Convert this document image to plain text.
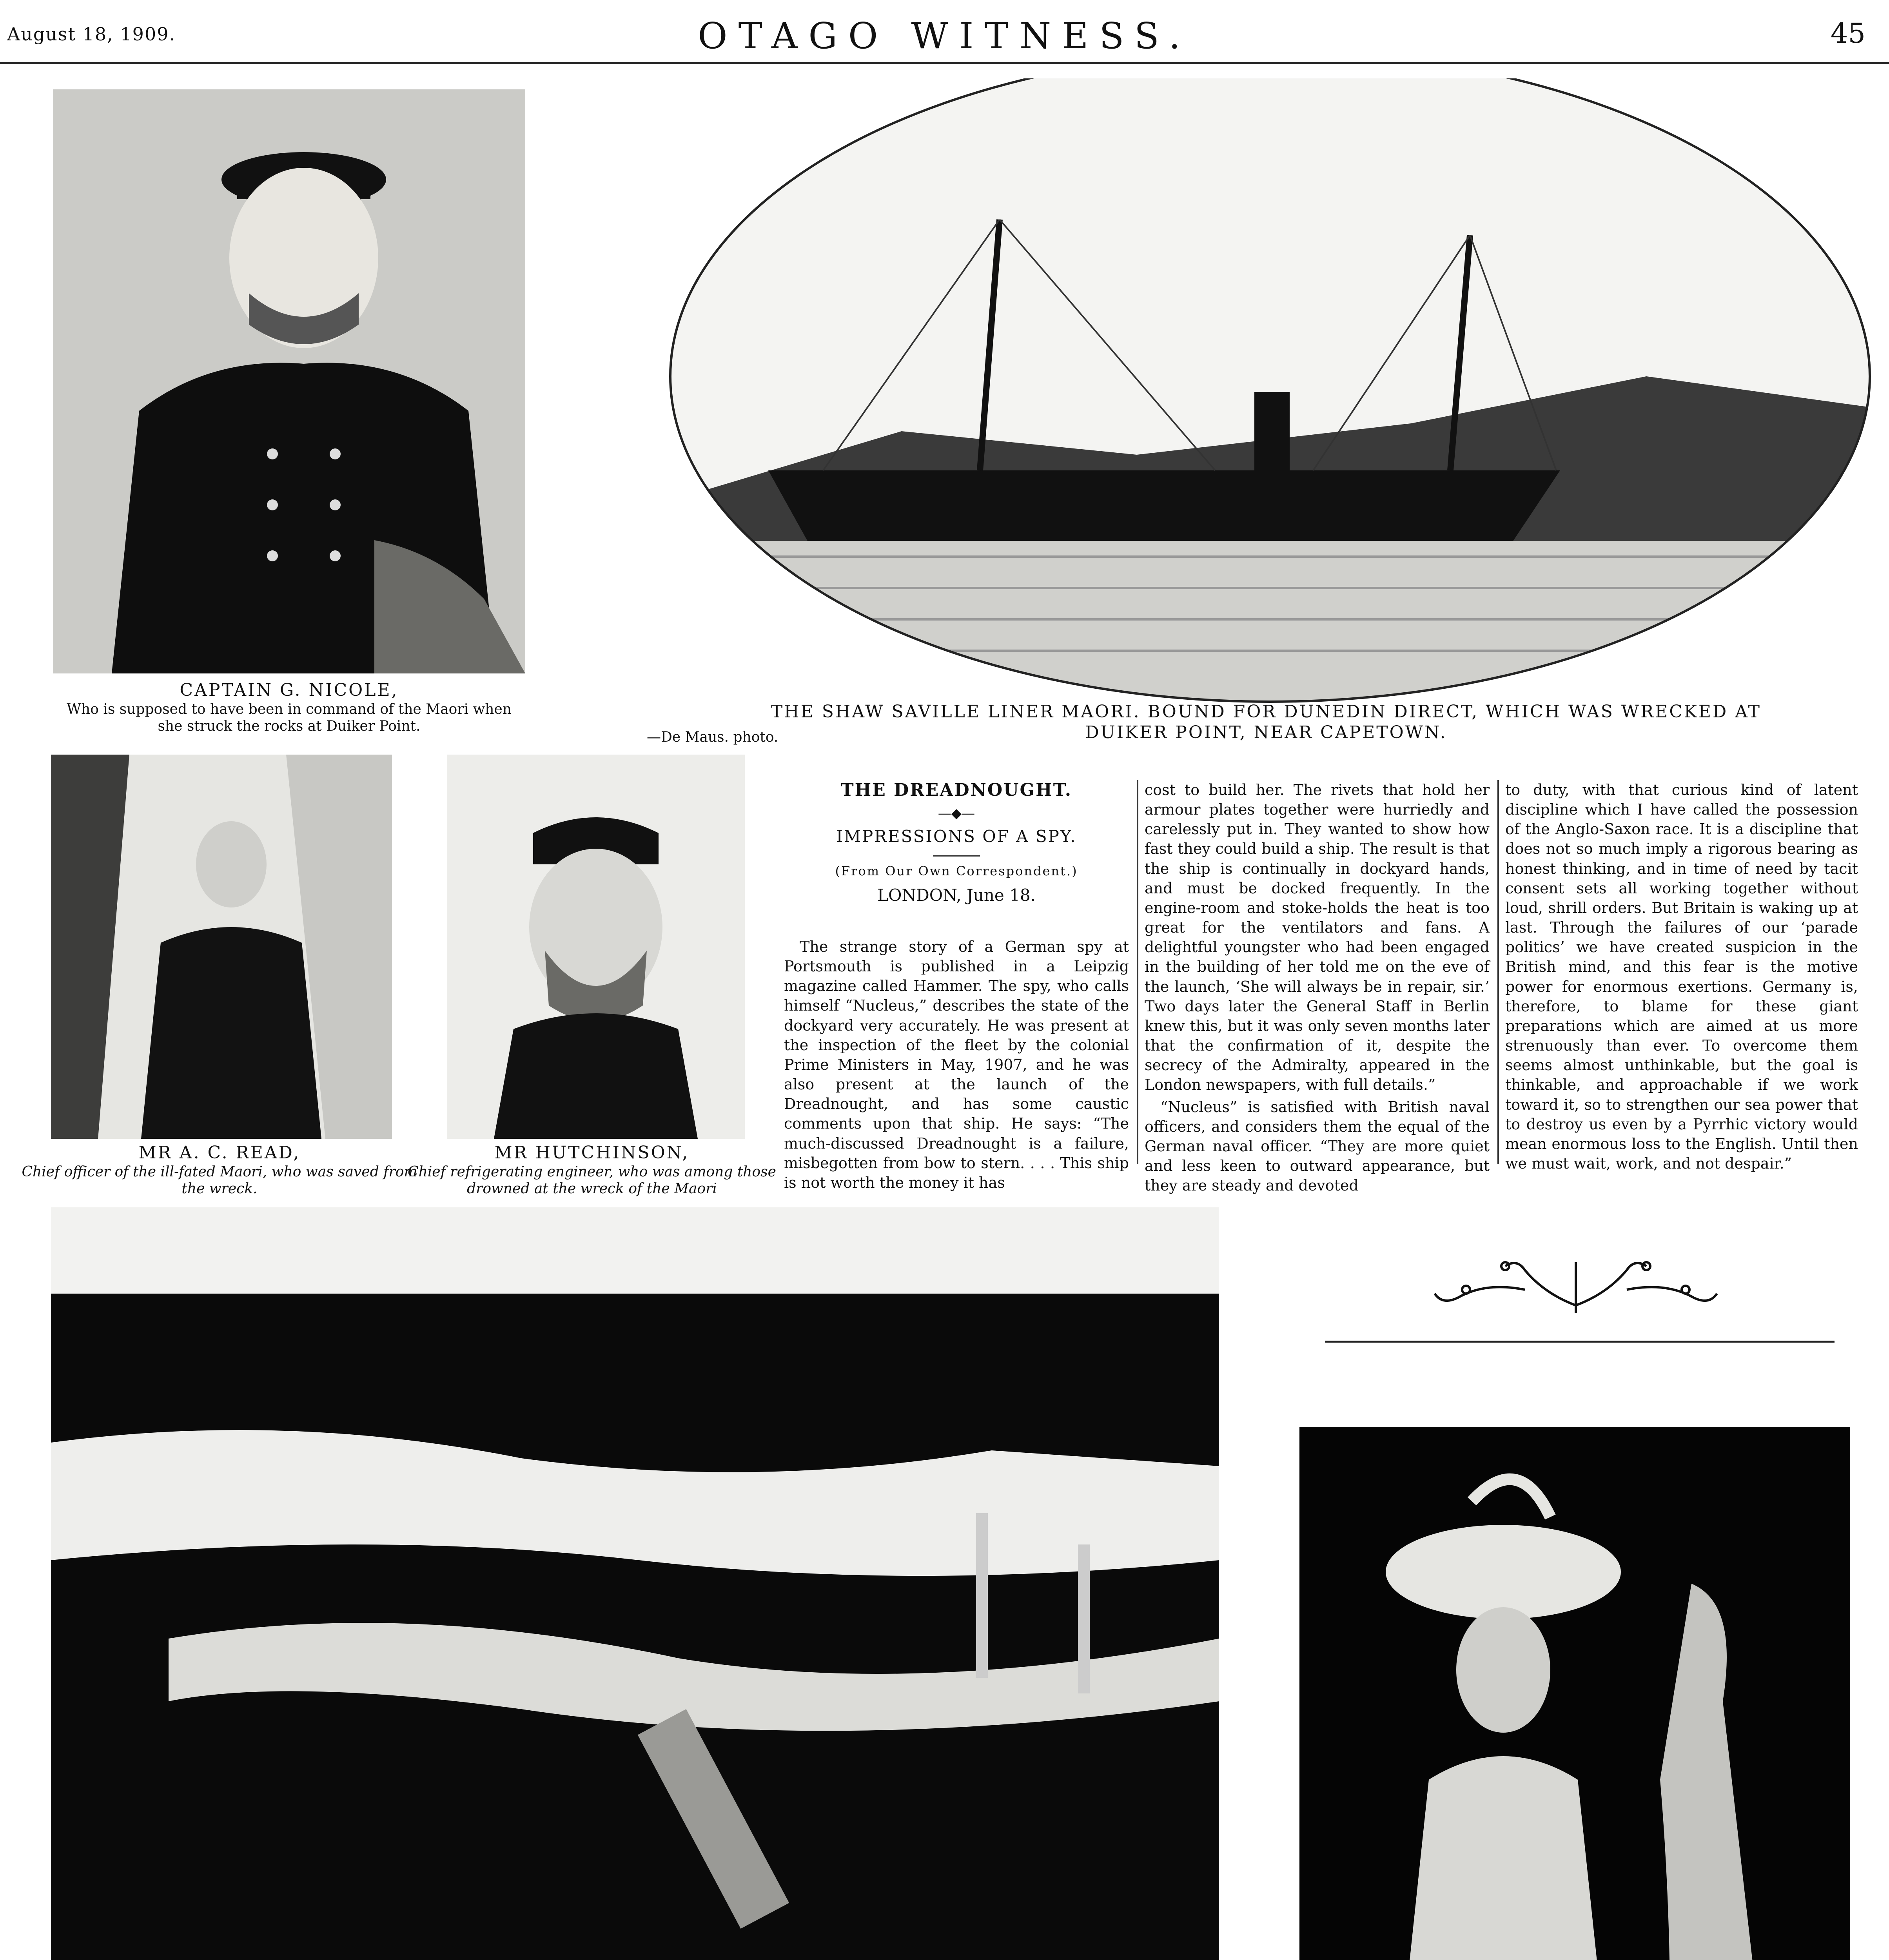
August 18, 1909.	OTAGO WITNESS.	45
CAPTAIN G. NICOLE,
Who is supposed to have been in command of the Maori when she struck the rocks at Duiker Point.
THE SHAW SAVILLE LINER MAORI. BOUND FOR DUNEDIN DIRECT, WHICH WAS WRECKED AT DUIKER POINT, NEAR CAPETOWN.
—De Maus. photo.
MR A. C. READ,
Chief officer of the ill-fated Maori, who was saved from the wreck.
MR HUTCHINSON,
Chief refrigerating engineer, who was among those drowned at the wreck of the Maori
THE DREADNOUGHT.
—◆—
IMPRESSIONS OF A SPY.
(From Our Own Correspondent.)
LONDON, June 18.

The strange story of a German spy at Portsmouth is published in a Leipzig magazine called Hammer. The spy, who calls himself “Nucleus,” describes the state of the dockyard very accurately. He was present at the inspection of the fleet by the colonial Prime Ministers in May, 1907, and he was also present at the launch of the Dreadnought, and has some caustic comments upon that ship. He says: “The much-discussed Dreadnought is a failure, misbegotten from bow to stern. . . . This ship is not worth the money it has

cost to build her. The rivets that hold her armour plates together were hurriedly and carelessly put in. They wanted to show how fast they could build a ship. The result is that the ship is continually in dockyard hands, and must be docked frequently. In the engine-room and stoke-holds the heat is too great for the ventilators and fans. A delightful youngster who had been engaged in the building of her told me on the eve of the launch, ‘She will always be in repair, sir.’ Two days later the General Staff in Berlin knew this, but it was only seven months later that the confirmation of it, despite the secrecy of the Admiralty, appeared in the London newspapers, with full details.”

“Nucleus” is satisfied with British naval officers, and considers them the equal of the German naval officer. “They are more quiet and less keen to outward appearance, but they are steady and devoted

to duty, with that curious kind of latent discipline which I have called the possession of the Anglo-Saxon race. It is a discipline that does not so much imply a rigorous bearing as honest thinking, and in time of need by tacit consent sets all working together without loud, shrill orders. But Britain is waking up at last. Through the failures of our ‘parade politics’ we have created suspicion in the British mind, and this fear is the motive power for enormous exertions. Germany is, therefore, to blame for these giant preparations which are aimed at us more strenuously than ever. To overcome them seems almost unthinkable, but the goal is thinkable, and approachable if we work toward it, so to strengthen our sea power that to destroy us even by a Pyrrhic victory would mean enormous loss to the English. Until then we must wait, work, and not despair.”
